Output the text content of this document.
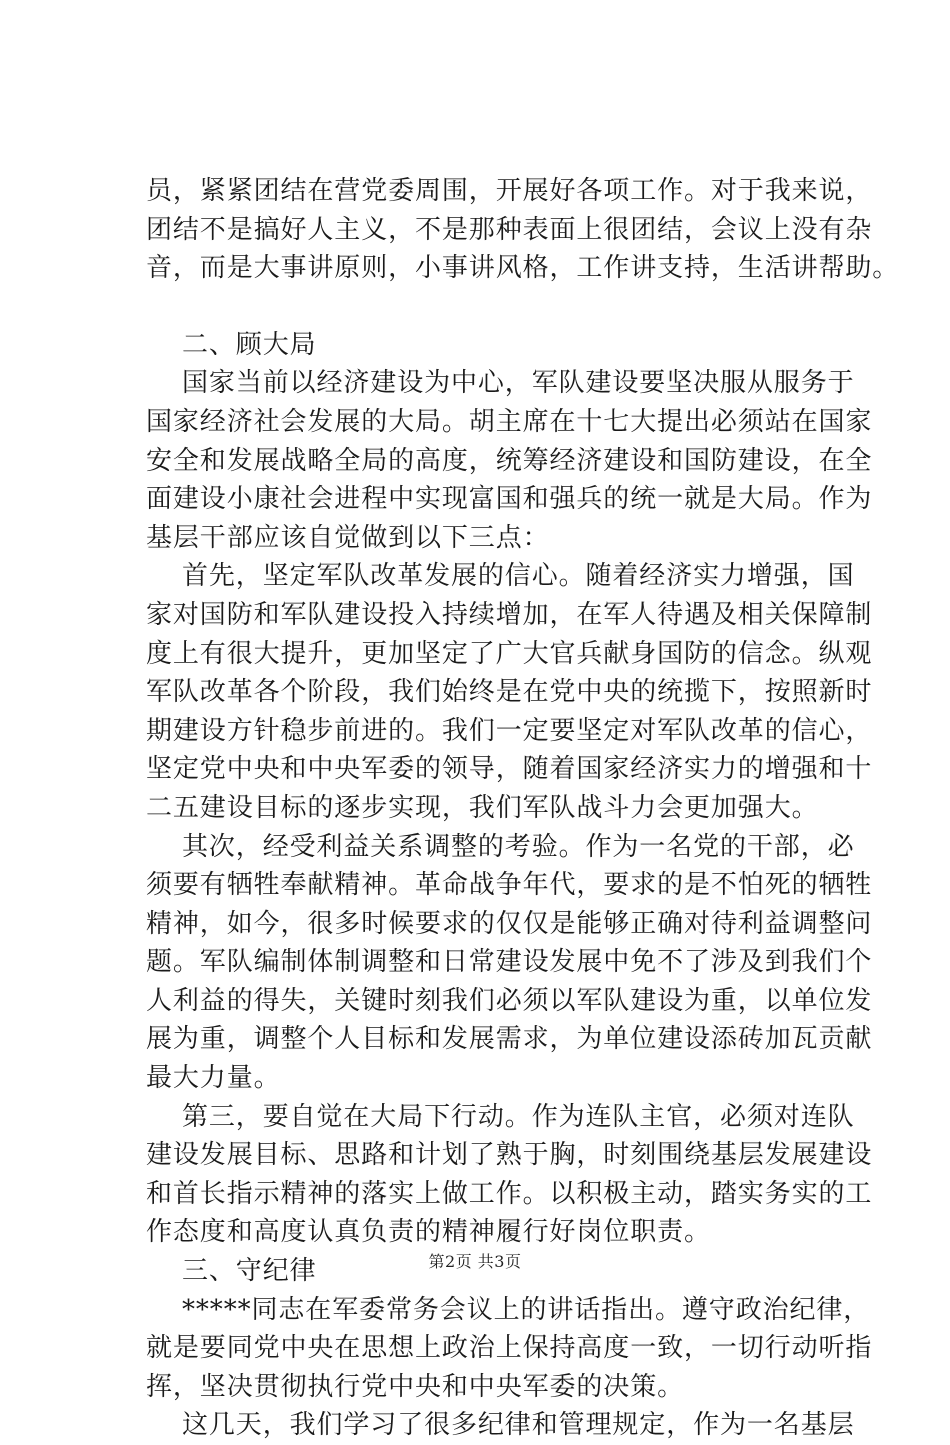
员，紧紧团结在营党委周围，开展好各项工作。对于我来说，
团结不是搞好人主义，不是那种表面上很团结，会议上没有杂
音，而是大事讲原则，小事讲风格，工作讲支持，生活讲帮助。
二、顾大局
国家当前以经济建设为中心，军队建设要坚决服从服务于
国家经济社会发展的大局。胡主席在十七大提出必须站在国家
安全和发展战略全局的高度，统筹经济建设和国防建设，在全
面建设小康社会进程中实现富国和强兵的统一就是大局。作为
基层干部应该自觉做到以下三点：
首先，坚定军队改革发展的信心。随着经济实力增强，国
家对国防和军队建设投入持续增加，在军人待遇及相关保障制
度上有很大提升，更加坚定了广大官兵献身国防的信念。纵观
军队改革各个阶段，我们始终是在党中央的统揽下，按照新时
期建设方针稳步前进的。我们一定要坚定对军队改革的信心，
坚定党中央和中央军委的领导，随着国家经济实力的增强和十
二五建设目标的逐步实现，我们军队战斗力会更加强大。
其次，经受利益关系调整的考验。作为一名党的干部，必
须要有牺牲奉献精神。革命战争年代，要求的是不怕死的牺牲
精神，如今，很多时候要求的仅仅是能够正确对待利益调整问
题。军队编制体制调整和日常建设发展中免不了涉及到我们个
人利益的得失，关键时刻我们必须以军队建设为重，以单位发
展为重，调整个人目标和发展需求，为单位建设添砖加瓦贡献
最大力量。
第三，要自觉在大局下行动。作为连队主官，必须对连队
建设发展目标、思路和计划了熟于胸，时刻围绕基层发展建设
和首长指示精神的落实上做工作。以积极主动，踏实务实的工
作态度和高度认真负责的精神履行好岗位职责。
三、守纪律
*****同志在军委常务会议上的讲话指出。遵守政治纪律，
就是要同党中央在思想上政治上保持高度一致，一切行动听指
挥，坚决贯彻执行党中央和中央军委的决策。
这几天，我们学习了很多纪律和管理规定，作为一名基层
第2页 共3页
